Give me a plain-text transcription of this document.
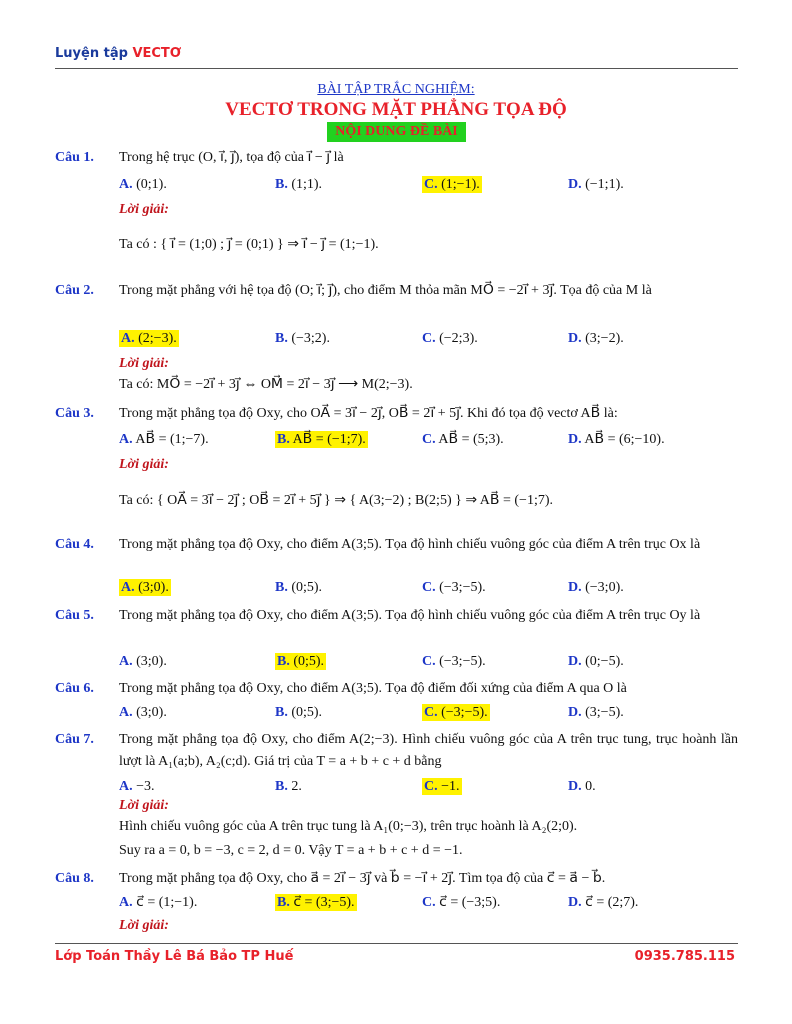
Luyện tập VECTƠ
BÀI TẬP TRẮC NGHIỆM:
VECTƠ TRONG MẶT PHẲNG TỌA ĐỘ
NỘI DUNG ĐỀ BÀI
Câu 1. Trong hệ trục (O, i⃗, j⃗), tọa độ của i⃗ − j⃗ là
A. (0;1).	B. (1;1).	C. (1;−1).	D. (−1;1).
Lời giải:
Ta có : { i⃗ = (1;0) ; j⃗ = (0;1) } ⇒ i⃗ − j⃗ = (1;−1).
Câu 2. Trong mặt phẳng với hệ tọa độ (O; i⃗; j⃗), cho điểm M thỏa mãn MO⃗ = −2i⃗ + 3j⃗. Tọa độ của M là
A. (2;−3).	B. (−3;2).	C. (−2;3).	D. (3;−2).
Lời giải:
Ta có: MO⃗ = −2i⃗ + 3j⃗ ⇔ OM⃗ = 2i⃗ − 3j⃗ ⟶ M(2;−3).
Câu 3. Trong mặt phẳng tọa độ Oxy, cho OA⃗ = 3i⃗ − 2j⃗, OB⃗ = 2i⃗ + 5j⃗. Khi đó tọa độ vectơ AB⃗ là:
A. AB⃗ = (1;−7).	B. AB⃗ = (−1;7).	C. AB⃗ = (5;3).	D. AB⃗ = (6;−10).
Lời giải:
Ta có: { OA⃗ = 3i⃗ − 2j⃗ ; OB⃗ = 2i⃗ + 5j⃗ } ⇒ { A(3;−2) ; B(2;5) } ⇒ AB⃗ = (−1;7).
Câu 4. Trong mặt phẳng tọa độ Oxy, cho điểm A(3;5). Tọa độ hình chiếu vuông góc của điểm A trên trục Ox là
A. (3;0).	B. (0;5).	C. (−3;−5).	D. (−3;0).
Câu 5. Trong mặt phẳng tọa độ Oxy, cho điểm A(3;5). Tọa độ hình chiếu vuông góc của điểm A trên trục Oy là
A. (3;0).	B. (0;5).	C. (−3;−5).	D. (0;−5).
Câu 6. Trong mặt phẳng tọa độ Oxy, cho điểm A(3;5). Tọa độ điểm đối xứng của điểm A qua O là
A. (3;0).	B. (0;5).	C. (−3;−5).	D. (3;−5).
Câu 7. Trong mặt phẳng tọa độ Oxy, cho điểm A(2;−3). Hình chiếu vuông góc của A trên trục tung, trục hoành lần lượt là A₁(a;b), A₂(c;d). Giá trị của T = a + b + c + d bằng
A. −3.	B. 2.	C. −1.	D. 0.
Lời giải:
Hình chiếu vuông góc của A trên trục tung là A₁(0;−3), trên trục hoành là A₂(2;0).
Suy ra a = 0, b = −3, c = 2, d = 0. Vậy T = a + b + c + d = −1.
Câu 8. Trong mặt phẳng tọa độ Oxy, cho a⃗ = 2i⃗ − 3j⃗ và b⃗ = −i⃗ + 2j⃗. Tìm tọa độ của c⃗ = a⃗ − b⃗.
A. c⃗ = (1;−1).	B. c⃗ = (3;−5).	C. c⃗ = (−3;5).	D. c⃗ = (2;7).
Lời giải:
Lớp Toán Thầy Lê Bá Bảo TP Huế	0935.785.115
